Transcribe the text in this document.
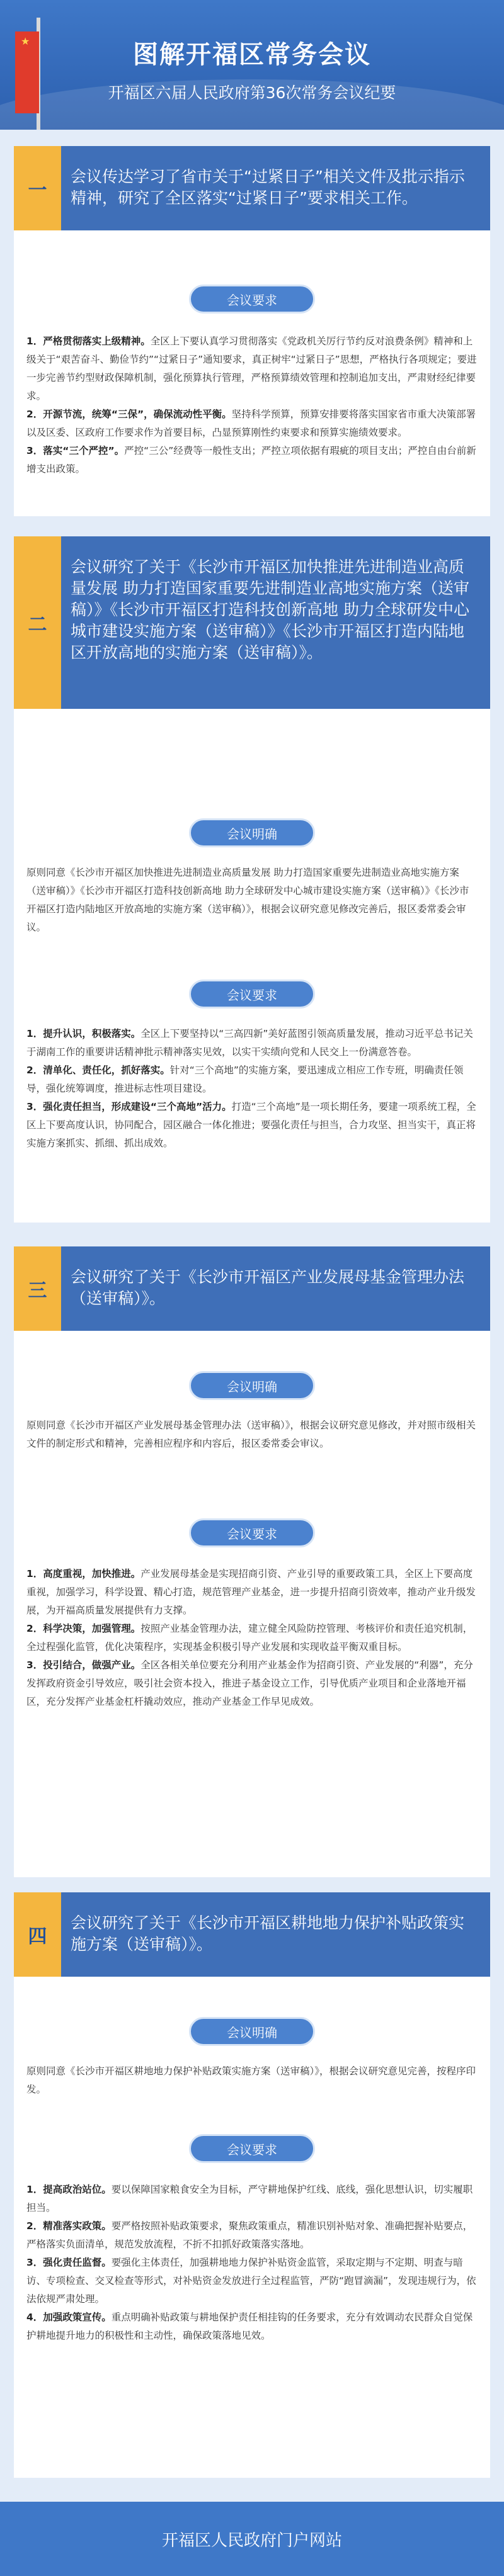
★	图解开福区常务会议
开福区六届人民政府第36次常务会议纪要
一
会议传达学习了省市关于“过紧日子”相关文件及批示指示精神，研究了全区落实“过紧日子”要求相关工作。
会议要求

1．严格贯彻落实上级精神。全区上下要认真学习贯彻落实《党政机关厉行节约反对浪费条例》精神和上级关于“艰苦奋斗、勤俭节约”“过紧日子”通知要求，真正树牢“过紧日子”思想，严格执行各项规定；要进一步完善节约型财政保障机制，强化预算执行管理，严格预算绩效管理和控制追加支出，严肃财经纪律要求。

2．开源节流，统筹“三保”，确保流动性平衡。坚持科学预算，预算安排要将落实国家省市重大决策部署以及区委、区政府工作要求作为首要目标，凸显预算刚性约束要求和预算实施绩效要求。

3．落实“三个严控”。严控“三公”经费等一般性支出；严控立项依据有瑕疵的项目支出；严控自由台前新增支出政策。

二
会议研究了关于《长沙市开福区加快推进先进制造业高质量发展 助力打造国家重要先进制造业高地实施方案（送审稿）》《长沙市开福区打造科技创新高地 助力全球研发中心城市建设实施方案（送审稿）》《长沙市开福区打造内陆地区开放高地的实施方案（送审稿）》。
会议明确

原则同意《长沙市开福区加快推进先进制造业高质量发展 助力打造国家重要先进制造业高地实施方案（送审稿）》《长沙市开福区打造科技创新高地 助力全球研发中心城市建设实施方案（送审稿）》《长沙市开福区打造内陆地区开放高地的实施方案（送审稿）》，根据会议研究意见修改完善后，报区委常委会审议。

会议要求

1．提升认识，积极落实。全区上下要坚持以“三高四新”美好蓝图引领高质量发展，推动习近平总书记关于湖南工作的重要讲话精神批示精神落实见效，以实干实绩向党和人民交上一份满意答卷。

2．清单化、责任化，抓好落实。针对“三个高地”的实施方案，要迅速成立相应工作专班，明确责任领导，强化统筹调度，推进标志性项目建设。

3．强化责任担当，形成建设“三个高地”活力。打造“三个高地”是一项长期任务，要建一项系统工程，全区上下要高度认识，协同配合，园区融合一体化推进；要强化责任与担当，合力攻坚、担当实干，真正将实施方案抓实、抓细、抓出成效。

三
会议研究了关于《长沙市开福区产业发展母基金管理办法（送审稿）》。
会议明确

原则同意《长沙市开福区产业发展母基金管理办法（送审稿）》，根据会议研究意见修改，并对照市级相关文件的制定形式和精神，完善相应程序和内容后，报区委常委会审议。

会议要求

1．高度重视，加快推进。产业发展母基金是实现招商引资、产业引导的重要政策工具，全区上下要高度重视，加强学习，科学设置、精心打造，规范管理产业基金，进一步提升招商引资效率，推动产业升级发展，为开福高质量发展提供有力支撑。

2．科学决策，加强管理。按照产业基金管理办法，建立健全风险防控管理、考核评价和责任追究机制，全过程强化监管，优化决策程序，实现基金积极引导产业发展和实现收益平衡双重目标。

3．投引结合，做强产业。全区各相关单位要充分利用产业基金作为招商引资、产业发展的“利器”，充分发挥政府资金引导效应，吸引社会资本投入，推进子基金设立工作，引导优质产业项目和企业落地开福区，充分发挥产业基金杠杆撬动效应，推动产业基金工作早见成效。

四
会议研究了关于《长沙市开福区耕地地力保护补贴政策实施方案（送审稿）》。
会议明确

原则同意《长沙市开福区耕地地力保护补贴政策实施方案（送审稿）》，根据会议研究意见完善，按程序印发。

会议要求

1．提高政治站位。要以保障国家粮食安全为目标，严守耕地保护红线、底线，强化思想认识，切实履职担当。

2．精准落实政策。要严格按照补贴政策要求，聚焦政策重点，精准识别补贴对象、准确把握补贴要点，严格落实负面清单，规范发放流程，不折不扣抓好政策落实落地。

3．强化责任监督。要强化主体责任，加强耕地地力保护补贴资金监管，采取定期与不定期、明查与暗访、专项检查、交叉检查等形式，对补贴资金发放进行全过程监管，严防“跑冒滴漏”，发现违规行为，依法依规严肃处理。

4．加强政策宣传。重点明确补贴政策与耕地保护责任相挂钩的任务要求，充分有效调动农民群众自觉保护耕地提升地力的积极性和主动性，确保政策落地见效。

开福区人民政府门户网站
